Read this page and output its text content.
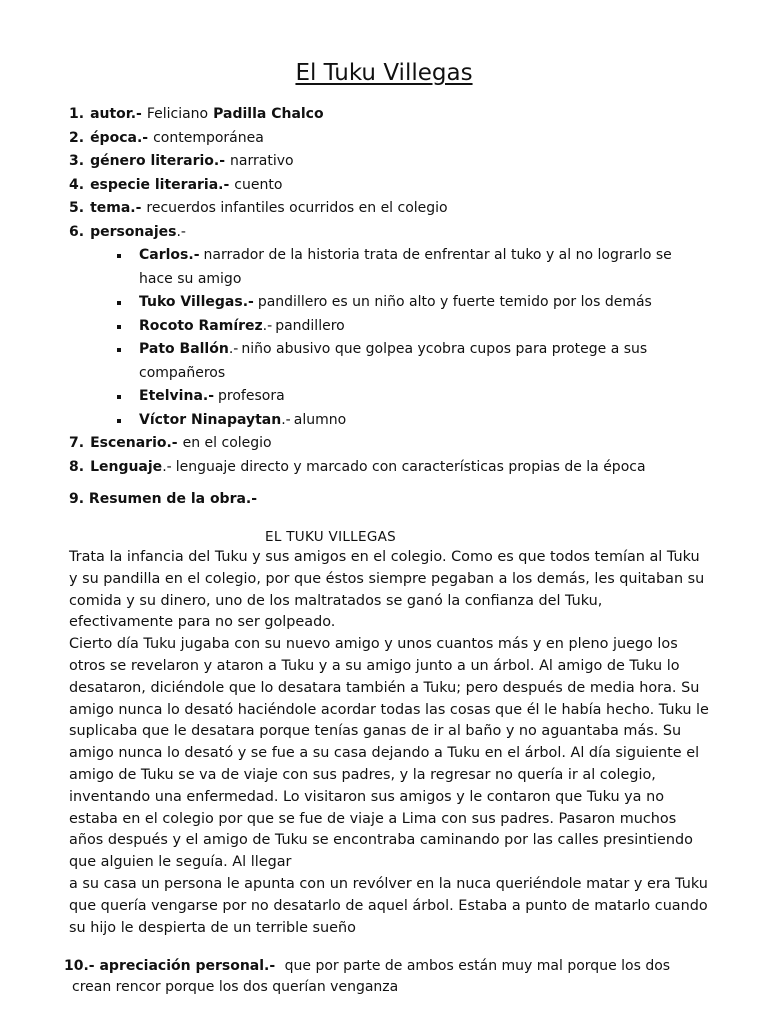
El Tuku Villegas
1. autor.- Feliciano Padilla Chalco
2. época.- contemporánea
3. género literario.- narrativo
4. especie literaria.- cuento
5. tema.- recuerdos infantiles ocurridos en el colegio
6. personajes .-
Carlos.- narrador de la historia trata de enfrentar al tuko y al no lograrlo se hace su amigo
Tuko Villegas.- pandillero es un niño alto y fuerte temido por los demás
Rocoto Ramírez.- pandillero
Pato Ballón.- niño abusivo que golpea ycobra cupos para protege a sus compañeros
Etelvina.- profesora
Víctor Ninapaytan.- alumno
7. Escenario.- en el colegio
8. Lenguaje .- lenguaje directo y marcado con características propias de la época
9. Resumen de la obra.-
EL TUKU VILLEGAS

Trata la infancia del Tuku y sus amigos en el colegio. Como es que todos temían al Tuku y su pandilla en el colegio, por que éstos siempre pegaban a los demás, les quitaban su comida y su dinero, uno de los maltratados se ganó la confianza del Tuku, efectivamente para no ser golpeado.

Cierto día Tuku jugaba con su nuevo amigo y unos cuantos más y en pleno juego los otros se revelaron y ataron a Tuku y a su amigo junto a un árbol. Al amigo de Tuku lo desataron, diciéndole que lo desatara también a Tuku; pero después de media hora. Su amigo nunca lo desató haciéndole acordar todas las cosas que él le había hecho. Tuku le suplicaba que le desatara porque tenías ganas de ir al baño y no aguantaba más. Su amigo nunca lo desató y se fue a su casa dejando a Tuku en el árbol. Al día siguiente el amigo de Tuku se va de viaje con sus padres, y la regresar no quería ir al colegio, inventando una enfermedad. Lo visitaron sus amigos y le contaron que Tuku ya no estaba en el colegio por que se fue de viaje a Lima con sus padres. Pasaron muchos años después y el amigo de Tuku se encontraba caminando por las calles presintiendo que alguien le seguía. Al llegar

a su casa un persona le apunta con un revólver en la nuca queriéndole matar y era Tuku que quería vengarse por no desatarlo de aquel árbol. Estaba a punto de matarlo cuando su hijo le despierta de un terrible sueño

10.- apreciación personal.- que por parte de ambos están muy mal porque los dos
crean rencor porque los dos querían venganza
